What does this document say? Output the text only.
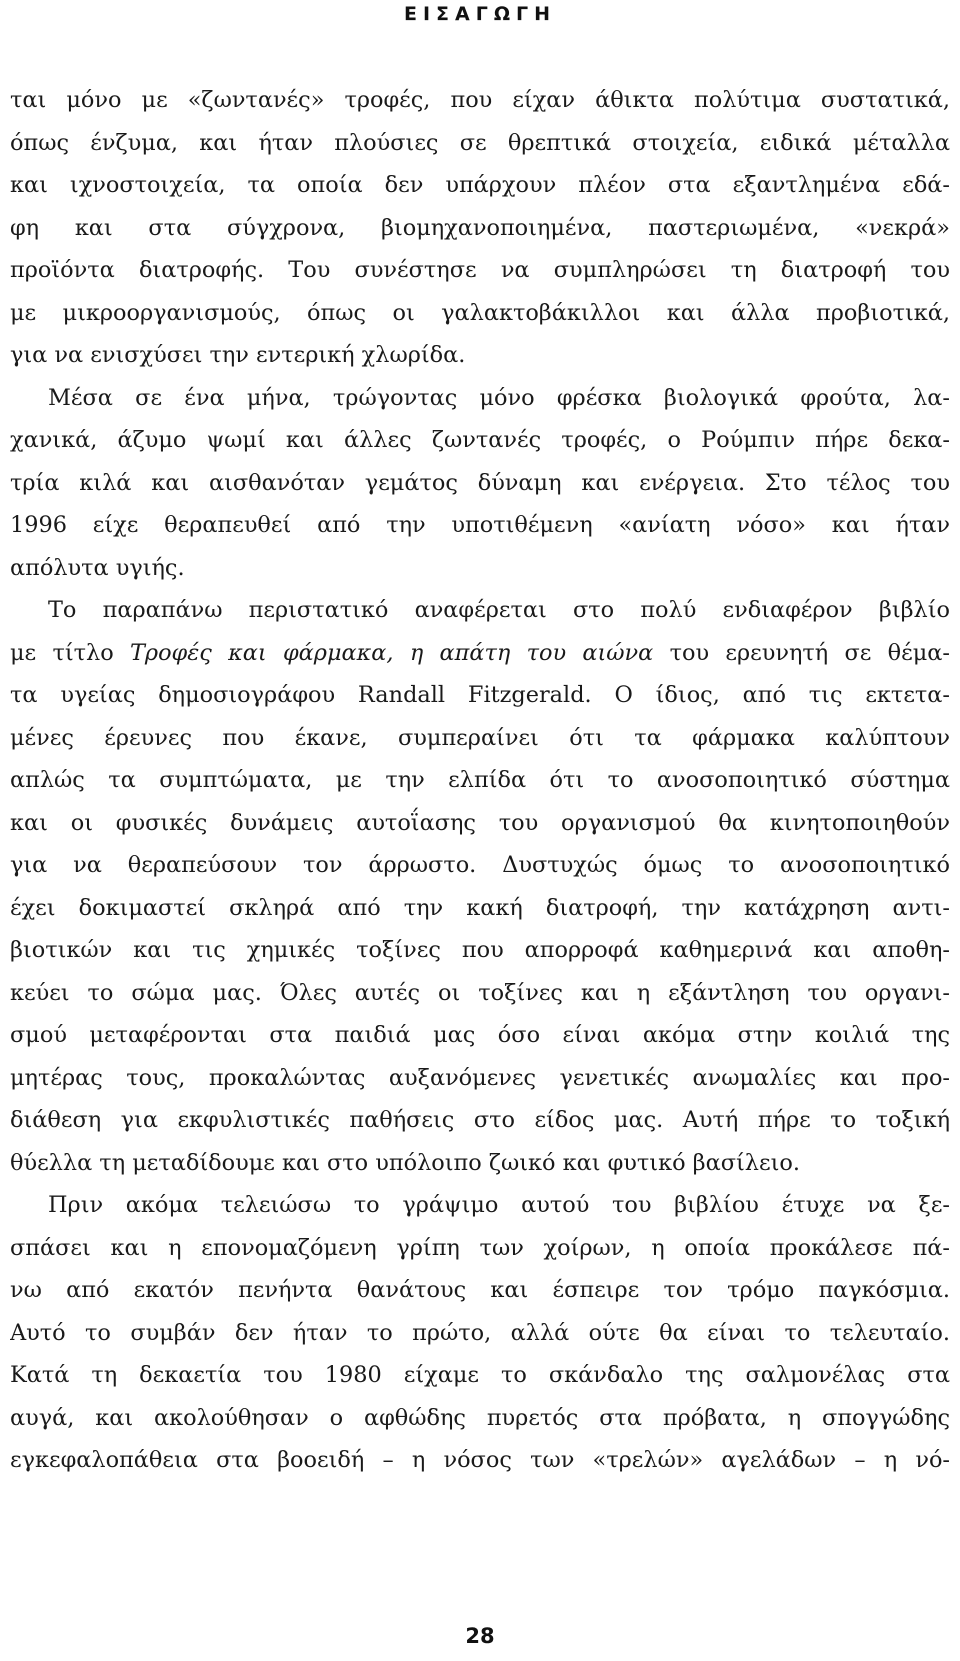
ΕΙΣΑΓΩΓΗ
ται μόνο με «ζωντανές» τροφές, που είχαν άθικτα πολύτιμα συστατικά,
όπως ένζυμα, και ήταν πλούσιες σε θρεπτικά στοιχεία, ειδικά μέταλλα
και ιχνοστοιχεία, τα οποία δεν υπάρχουν πλέον στα εξαντλημένα εδά-
φη και στα σύγχρονα, βιομηχανοποιημένα, παστεριωμένα, «νεκρά»
προϊόντα διατροφής. Του συνέστησε να συμπληρώσει τη διατροφή του
με μικροοργανισμούς, όπως οι γαλακτοβάκιλλοι και άλλα προβιοτικά,
για να ενισχύσει την εντερική χλωρίδα.
Μέσα σε ένα μήνα, τρώγοντας μόνο φρέσκα βιολογικά φρούτα, λα-
χανικά, άζυμο ψωμί και άλλες ζωντανές τροφές, ο Ρούμπιν πήρε δεκα-
τρία κιλά και αισθανόταν γεμάτος δύναμη και ενέργεια. Στο τέλος του
1996 είχε θεραπευθεί από την υποτιθέμενη «ανίατη νόσο» και ήταν
απόλυτα υγιής.
Το παραπάνω περιστατικό αναφέρεται στο πολύ ενδιαφέρον βιβλίο
με τίτλο Τροφές και φάρμακα, η απάτη του αιώνα του ερευνητή σε θέμα-
τα υγείας δημοσιογράφου Randall Fitzgerald. Ο ίδιος, από τις εκτετα-
μένες έρευνες που έκανε, συμπεραίνει ότι τα φάρμακα καλύπτουν
απλώς τα συμπτώματα, με την ελπίδα ότι το ανοσοποιητικό σύστημα
και οι φυσικές δυνάμεις αυτοΐασης του οργανισμού θα κινητοποιηθούν
για να θεραπεύσουν τον άρρωστο. Δυστυχώς όμως το ανοσοποιητικό
έχει δοκιμαστεί σκληρά από την κακή διατροφή, την κατάχρηση αντι-
βιοτικών και τις χημικές τοξίνες που απορροφά καθημερινά και αποθη-
κεύει το σώμα μας. Όλες αυτές οι τοξίνες και η εξάντληση του οργανι-
σμού μεταφέρονται στα παιδιά μας όσο είναι ακόμα στην κοιλιά της
μητέρας τους, προκαλώντας αυξανόμενες γενετικές ανωμαλίες και προ-
διάθεση για εκφυλιστικές παθήσεις στο είδος μας. Αυτή πήρε το τοξική
θύελλα τη μεταδίδουμε και στο υπόλοιπο ζωικό και φυτικό βασίλειο.
Πριν ακόμα τελειώσω το γράψιμο αυτού του βιβλίου έτυχε να ξε-
σπάσει και η επονομαζόμενη γρίπη των χοίρων, η οποία προκάλεσε πά-
νω από εκατόν πενήντα θανάτους και έσπειρε τον τρόμο παγκόσμια.
Αυτό το συμβάν δεν ήταν το πρώτο, αλλά ούτε θα είναι το τελευταίο.
Κατά τη δεκαετία του 1980 είχαμε το σκάνδαλο της σαλμονέλας στα
αυγά, και ακολούθησαν ο αφθώδης πυρετός στα πρόβατα, η σπογγώδης
εγκεφαλοπάθεια στα βοοειδή – η νόσος των «τρελών» αγελάδων – η νό-
28
